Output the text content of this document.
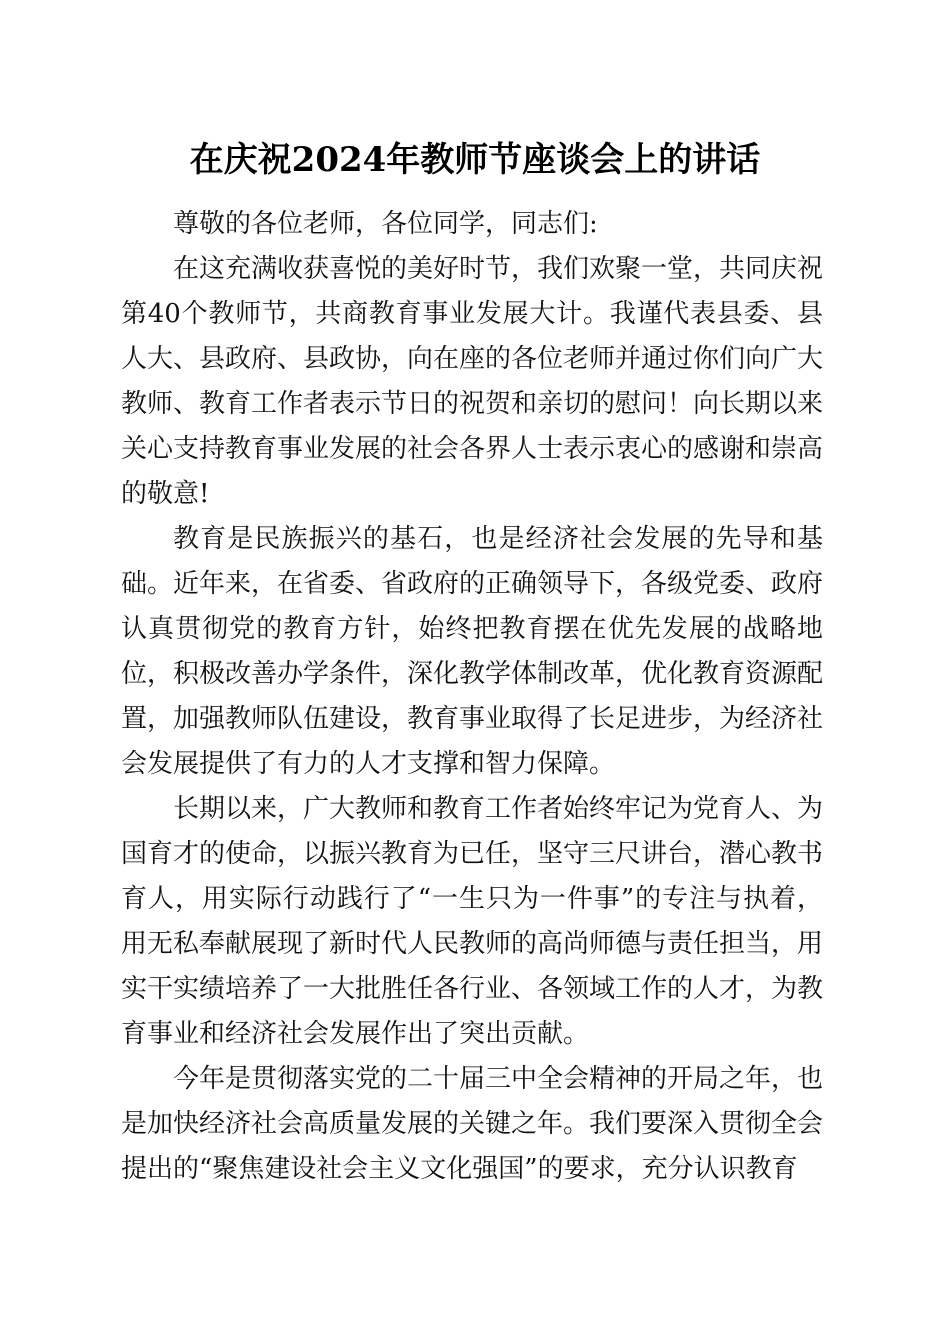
在庆祝2024年教师节座谈会上的讲话

尊敬的各位老师，各位同学，同志们:

在这充满收获喜悦的美好时节，我们欢聚一堂，共同庆祝第40个教师节，共商教育事业发展大计。我谨代表县委、县人大、县政府、县政协，向在座的各位老师并通过你们向广大教师、教育工作者表示节日的祝贺和亲切的慰问！向长期以来关心支持教育事业发展的社会各界人士表示衷心的感谢和崇高的敬意!

教育是民族振兴的基石，也是经济社会发展的先导和基础。近年来，在省委、省政府的正确领导下，各级党委、政府认真贯彻党的教育方针，始终把教育摆在优先发展的战略地位，积极改善办学条件，深化教学体制改革，优化教育资源配置，加强教师队伍建设，教育事业取得了长足进步，为经济社会发展提供了有力的人才支撑和智力保障。

长期以来，广大教师和教育工作者始终牢记为党育人、为国育才的使命，以振兴教育为已任，坚守三尺讲台，潜心教书育人，用实际行动践行了“一生只为一件事”的专注与执着，用无私奉献展现了新时代人民教师的高尚师德与责任担当，用实干实绩培养了一大批胜任各行业、各领域工作的人才，为教育事业和经济社会发展作出了突出贡献。

今年是贯彻落实党的二十届三中全会精神的开局之年，也是加快经济社会高质量发展的关键之年。我们要深入贯彻全会提出的“聚焦建设社会主义文化强国”的要求，充分认识教育
